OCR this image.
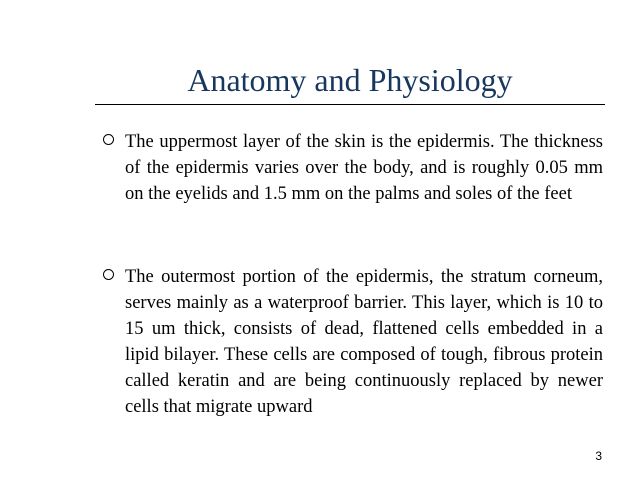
Anatomy and Physiology
The uppermost layer of the skin is the epidermis. The thickness of the epidermis varies over the body, and is roughly 0.05 mm on the eyelids and 1.5 mm on the palms and soles of the feet
The outermost portion of the epidermis, the stratum corneum, serves mainly as a waterproof barrier. This layer, which is 10 to 15 um thick, consists of dead, flattened cells embedded in a lipid bilayer. These cells are composed of tough, fibrous protein called keratin and are being continuously replaced by newer cells that migrate upward
3
